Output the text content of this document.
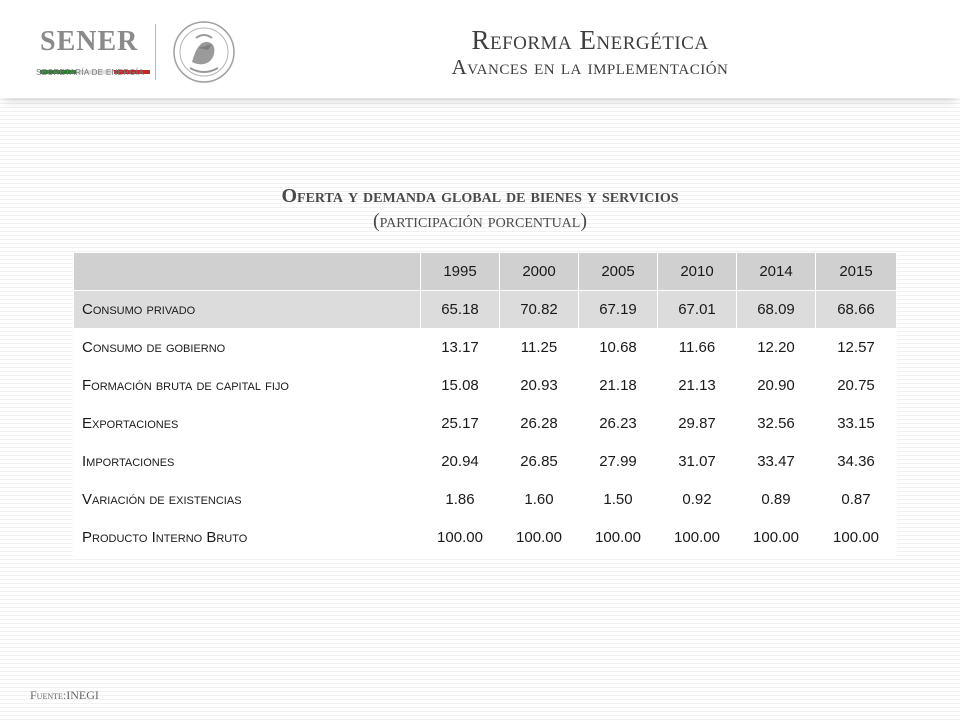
SENER
SECRETARÍA DE ENERGÍA
Reforma Energética
Avances en la implementación
Oferta y demanda global de bienes y servicios
(participación porcentual)
	1995	2000	2005	2010	2014	2015
Consumo privado	65.18	70.82	67.19	67.01	68.09	68.66
Consumo de gobierno	13.17	11.25	10.68	11.66	12.20	12.57
Formación bruta de capital fijo	15.08	20.93	21.18	21.13	20.90	20.75
Exportaciones	25.17	26.28	26.23	29.87	32.56	33.15
Importaciones	20.94	26.85	27.99	31.07	33.47	34.36
Variación de existencias	1.86	1.60	1.50	0.92	0.89	0.87
Producto Interno Bruto	100.00	100.00	100.00	100.00	100.00	100.00
Fuente:INEGI
